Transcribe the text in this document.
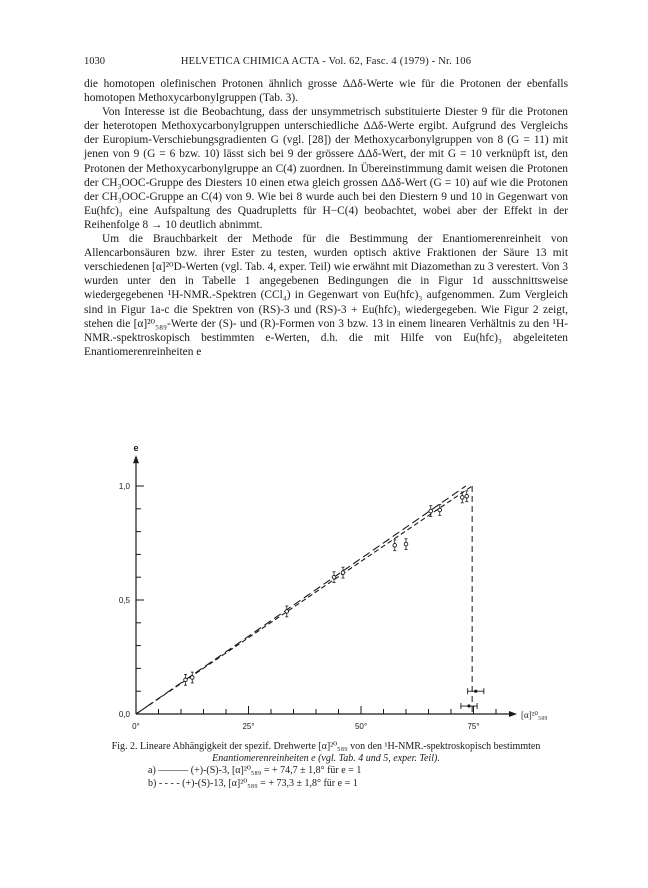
1030	HELVETICA CHIMICA ACTA - Vol. 62, Fasc. 4 (1979) - Nr. 106

die homotopen olefinischen Protonen ähnlich grosse ΔΔδ-Werte wie für die Protonen der ebenfalls homotopen Methoxycarbonylgruppen (Tab. 3).

Von Interesse ist die Beobachtung, dass der unsymmetrisch substituierte Diester 9 für die Protonen der heterotopen Methoxycarbonylgruppen unterschiedliche ΔΔδ-Werte ergibt. Aufgrund des Vergleichs der Europium-Verschiebungsgradienten G (vgl. [28]) der Methoxycarbonylgruppen von 8 (G = 11) mit jenen von 9 (G = 6 bzw. 10) lässt sich bei 9 der grössere ΔΔδ-Wert, der mit G = 10 verknüpft ist, den Protonen der Methoxycarbonylgruppe an C(4) zuordnen. In Übereinstimmung damit weisen die Protonen der CH₃OOC-Gruppe des Diesters 10 einen etwa gleich grossen ΔΔδ-Wert (G = 10) auf wie die Protonen der CH₃OOC-Gruppe an C(4) von 9. Wie bei 8 wurde auch bei den Diestern 9 und 10 in Gegenwart von Eu(hfc)₃ eine Aufspaltung des Quadrupletts für H−C(4) beobachtet, wobei aber der Effekt in der Reihenfolge 8 → 10 deutlich abnimmt.

Um die Brauchbarkeit der Methode für die Bestimmung der Enantiomerenreinheit von Allencarbonsäuren bzw. ihrer Ester zu testen, wurden optisch aktive Fraktionen der Säure 13 mit verschiedenen [α]²⁰D-Werten (vgl. Tab. 4, exper. Teil) wie erwähnt mit Diazomethan zu 3 verestert. Von 3 wurden unter den in Tabelle 1 angegebenen Bedingungen die in Figur 1d ausschnittsweise wiedergegebenen ¹H-NMR.-Spektren (CCl₄) in Gegenwart von Eu(hfc)₃ aufgenommen. Zum Vergleich sind in Figur 1a-c die Spektren von (RS)-3 und (RS)-3 + Eu(hfc)₃ wiedergegeben. Wie Figur 2 zeigt, stehen die [α]²⁰₅₈₉-Werte der (S)- und (R)-Formen von 3 bzw. 13 in einem linearen Verhältnis zu den ¹H-NMR.-spektroskopisch bestimmten e-Werten, d.h. die mit Hilfe von Eu(hfc)₃ abgeleiteten Enantiomerenreinheiten e

0°	25°	50°	75°
0,0
0,5
1,0
e
[α]²⁰₅₈₉
Fig. 2. Lineare Abhängigkeit der spezif. Drehwerte [α]²⁰₅₈₉ von den ¹H-NMR.-spektroskopisch bestimmten
Enantiomerenreinheiten e (vgl. Tab. 4 und 5, exper. Teil).
a) ——— (+)-(S)-3, [α]²⁰₅₈₉ = + 74,7 ± 1,8° für e = 1
b) - - - - (+)-(S)-13, [α]²⁰₅₈₉ = + 73,3 ± 1,8° für e = 1
